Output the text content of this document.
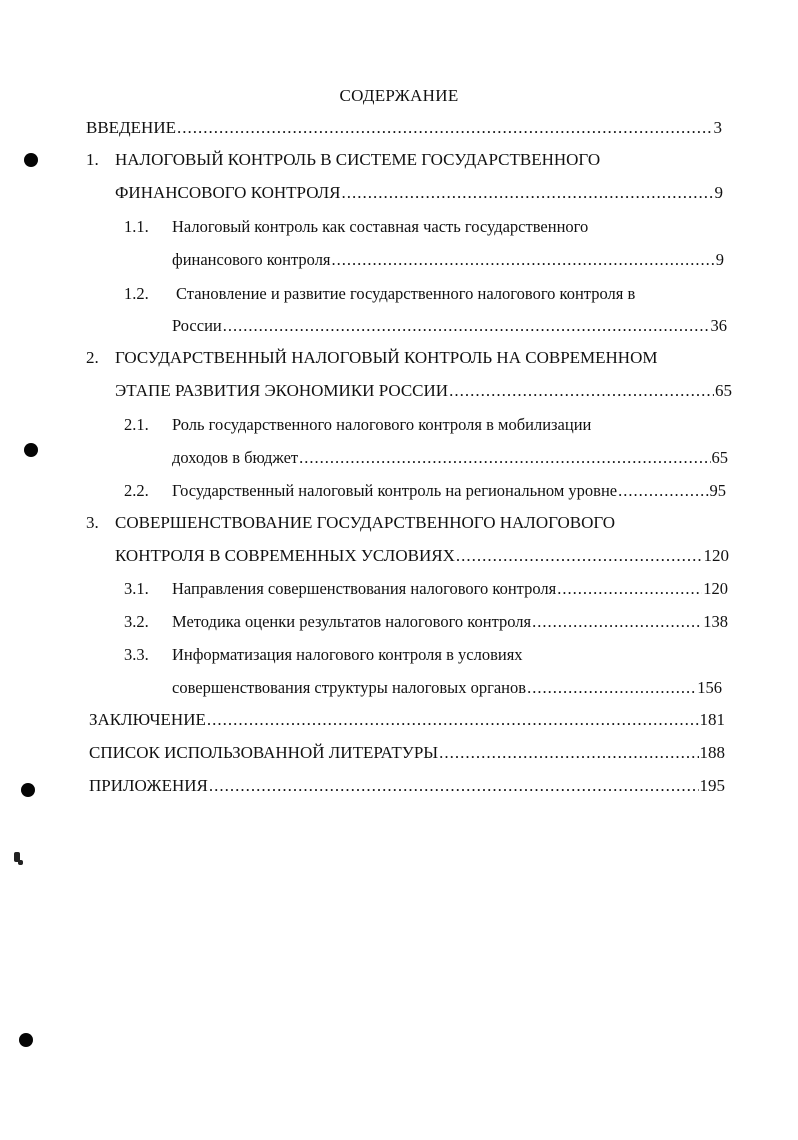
СОДЕРЖАНИЕ
ВВЕДЕНИЕ .....	3
1. НАЛОГОВЫЙ КОНТРОЛЬ В СИСТЕМЕ ГОСУДАРСТВЕННОГО
ФИНАНСОВОГО КОНТРОЛЯ .....	9
1.1.	Налоговый контроль как составная часть государственного
финансового контроля .....	9
1.2.	Становление и развитие государственного налогового контроля в
России .....	36
2. ГОСУДАРСТВЕННЫЙ НАЛОГОВЫЙ КОНТРОЛЬ НА СОВРЕМЕННОМ
ЭТАПЕ РАЗВИТИЯ ЭКОНОМИКИ РОССИИ .....	65
2.1.	Роль государственного налогового контроля в мобилизации
доходов в бюджет .....	65
2.2.	Государственный налоговый контроль на региональном уровне .....	95
3. СОВЕРШЕНСТВОВАНИЕ ГОСУДАРСТВЕННОГО НАЛОГОВОГО
КОНТРОЛЯ В СОВРЕМЕННЫХ УСЛОВИЯХ .....	120
3.1.	Направления совершенствования налогового контроля .....	120
3.2.	Методика оценки результатов налогового контроля .....	138
3.3.	Информатизация налогового контроля в условиях
совершенствования структуры налоговых органов .....	156
ЗАКЛЮЧЕНИЕ .....	181
СПИСОК ИСПОЛЬЗОВАННОЙ ЛИТЕРАТУРЫ .....	188
ПРИЛОЖЕНИЯ .....	195
